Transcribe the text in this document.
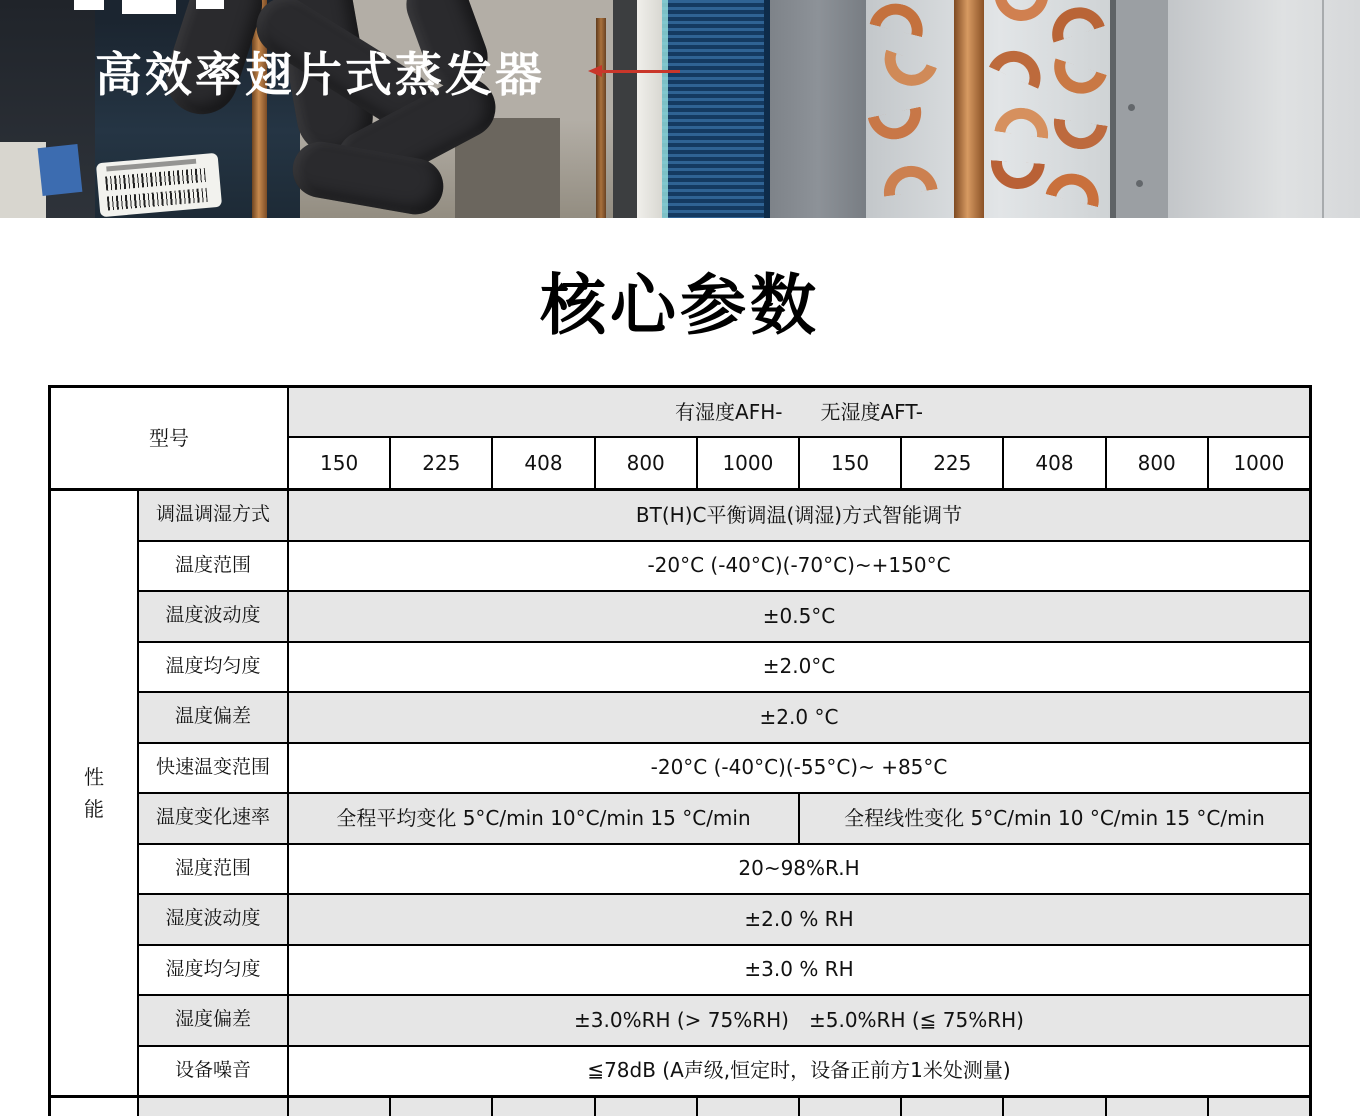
高效率翅片式蒸发器
核心参数
型号
有湿度AFH- 无湿度AFT-
150	225	408	800	1000	150	225	408	800	1000
性能
调温调湿方式	BT(H)C平衡调温(调湿)方式智能调节
温度范围	-20°C (-40°C)(-70°C)~+150°C
温度波动度	±0.5°C
温度均匀度	±2.0°C
温度偏差	±2.0 °C
快速温变范围	-20°C (-40°C)(-55°C)~ +85°C
温度变化速率	全程平均变化 5°C/min 10°C/min 15 °C/min	全程线性变化 5°C/min 10 °C/min 15 °C/min
湿度范围	20~98%R.H
湿度波动度	±2.0 % RH
湿度均匀度	±3.0 % RH
湿度偏差	±3.0%RH (> 75%RH)　±5.0%RH (≦ 75%RH)
设备噪音	≦78dB (A声级,恒定时，设备正前方1米处测量)
